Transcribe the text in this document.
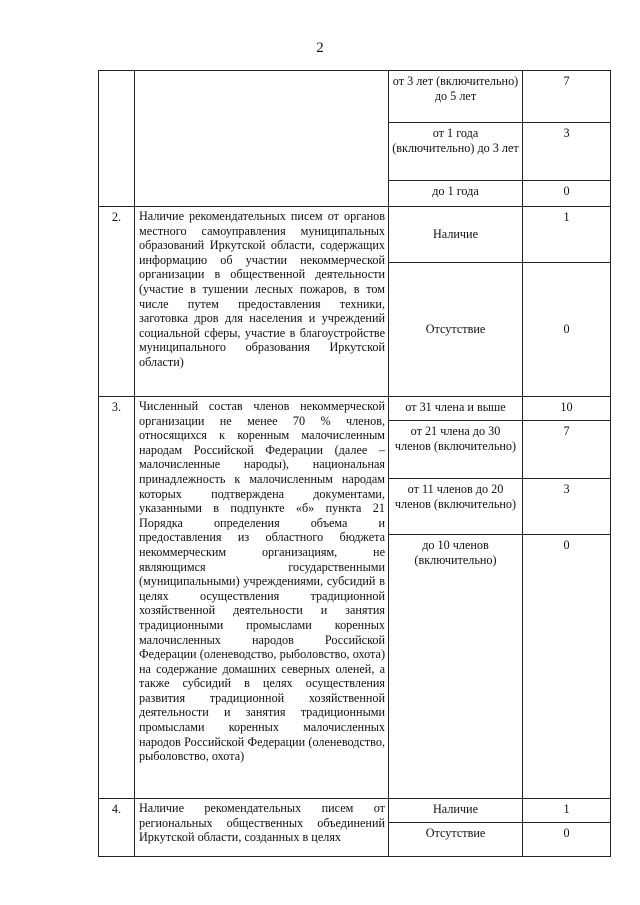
2
		от 3 лет (включительно) до 5 лет	7
		от 1 года (включительно) до 3 лет	3
		до 1 года	0
2.	Наличие рекомендательных писем от органов местного самоуправления муниципальных образований Иркутской области, содержащих информацию об участии некоммерческой организации в общественной деятельности (участие в тушении лесных пожаров, в том числе путем предоставления техники, заготовка дров для населения и учреждений социальной сферы, участие в благоустройстве муниципального образования Иркутской области)	Наличие	1
		Отсутствие	0
3.	Численный состав членов некоммерческой организации не менее 70 % членов, относящихся к коренным малочисленным народам Российской Федерации (далее – малочисленные народы), национальная принадлежность к малочисленным народам которых подтверждена документами, указанными в подпункте «б» пункта 21 Порядка определения объема и предоставления из областного бюджета некоммерческим организациям, не являющимся государственными (муниципальными) учреждениями, субсидий в целях осуществления традиционной хозяйственной деятельности и занятия традиционными промыслами коренных малочисленных народов Российской Федерации (оленеводство, рыболовство, охота) на содержание домашних северных оленей, а также субсидий в целях осуществления развития традиционной хозяйственной деятельности и занятия традиционными промыслами коренных малочисленных народов Российской Федерации (оленеводство, рыболовство, охота)	от 31 члена и выше	10
		от 21 члена до 30 членов (включительно)	7
		от 11 членов до 20 членов (включительно)	3
		до 10 членов (включительно)	0
4.	Наличие рекомендательных писем от региональных общественных объединений Иркутской области, созданных в целях	Наличие	1
		Отсутствие	0
